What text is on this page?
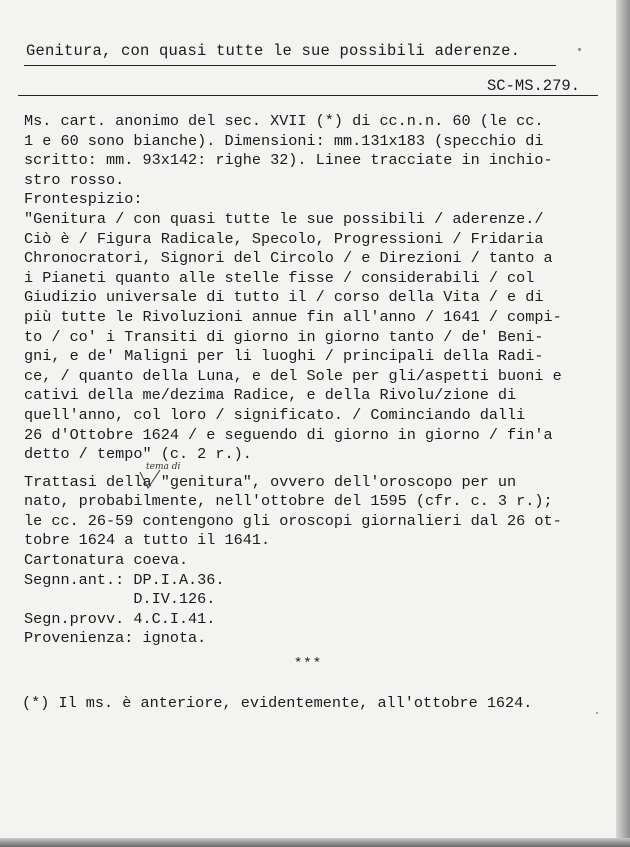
Genitura, con quasi tutte le sue possibili aderenze.
SC-MS.279.
Ms. cart. anonimo del sec. XVII (*) di cc.n.n. 60 (le cc.
1 e 60 sono bianche). Dimensioni: mm.131x183 (specchio di
scritto: mm. 93x142: righe 32). Linee tracciate in inchio-
stro rosso.
Frontespizio:
"Genitura / con quasi tutte le sue possibili / aderenze./
Ciò è / Figura Radicale, Specolo, Progressioni / Fridaria
Chronocratori, Signori del Circolo / e Direzioni / tanto a
i Pianeti quanto alle stelle fisse / considerabili / col
Giudizio universale di tutto il / corso della Vita / e di
più tutte le Rivoluzioni annue fin all'anno / 1641 / compi-
to / co' i Transiti di giorno in giorno tanto / de' Beni-
gni, e de' Maligni per li luoghi / principali della Radi-
ce, / quanto della Luna, e del Sole per gli/aspetti buoni e
cativi della me/dezima Radice, e della Rivolu/zione di
quell'anno, col loro / significato. / Cominciando dalli
26 d'Ottobre 1624 / e seguendo di giorno in giorno / fin'a
detto / tempo" (c. 2 r.).
Trattasi della "genitura", ovvero dell'oroscopo per un
nato, probabilmente, nell'ottobre del 1595 (cfr. c. 3 r.);
le cc. 26-59 contengono gli oroscopi giornalieri dal 26 ot-
tobre 1624 a tutto il 1641.
Cartonatura coeva.
Segnn.ant.: DP.I.A.36.
D.IV.126.
Segn.provv. 4.C.I.41.
Provenienza: ignota.
tema di
***
(*) Il ms. è anteriore, evidentemente, all'ottobre 1624.
